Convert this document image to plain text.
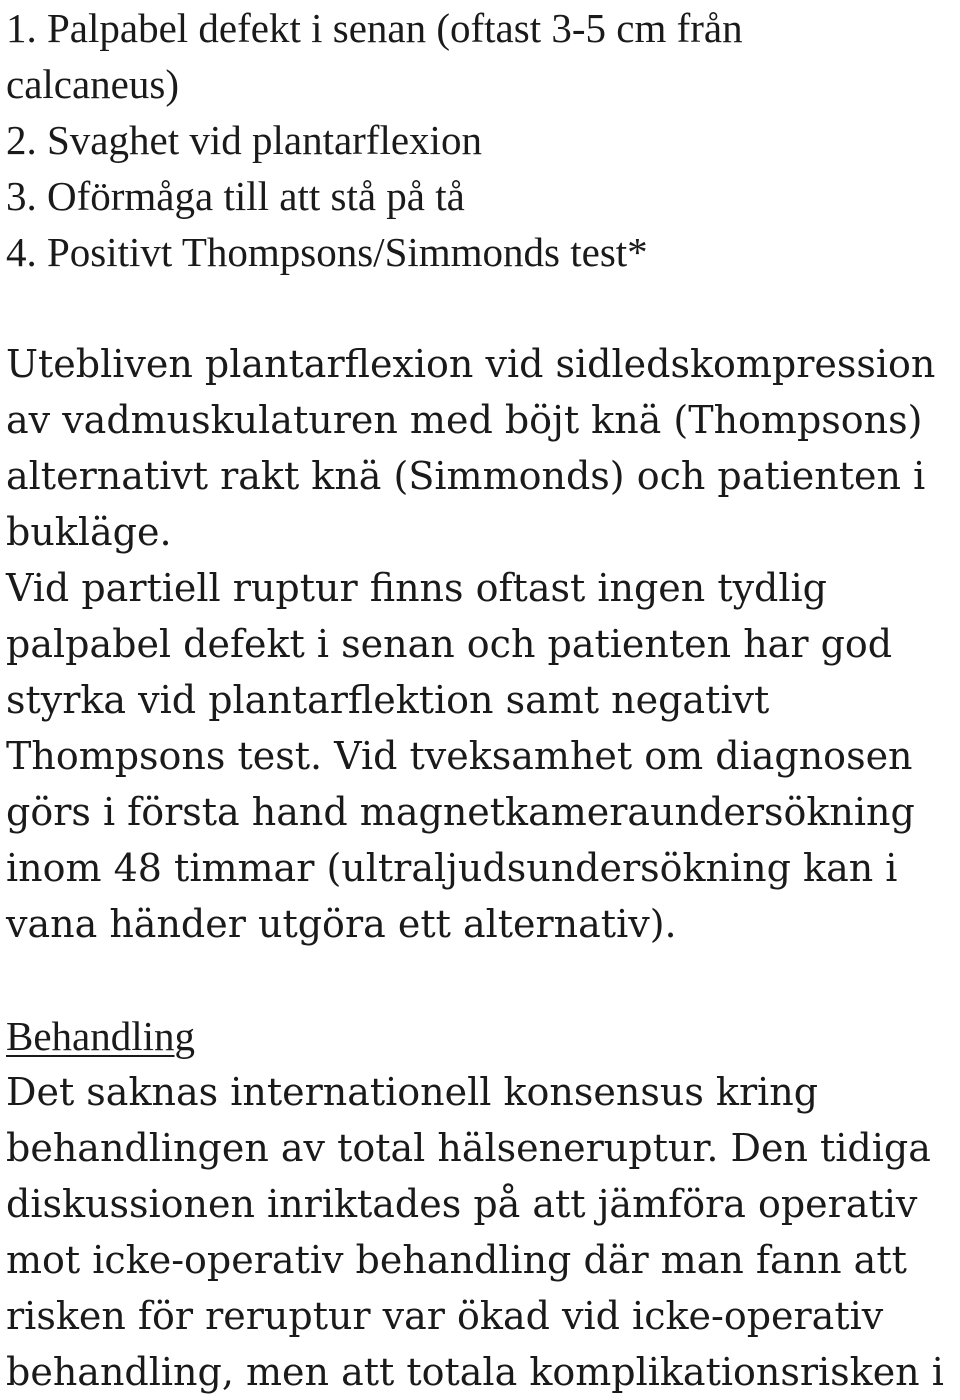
1. Palpabel defekt i senan (oftast 3-5 cm från
calcaneus)
2. Svaghet vid plantarflexion
3. Oförmåga till att stå på tå
4. Positivt Thompsons/Simmonds test*
Utebliven plantarflexion vid sidledskompression
av vadmuskulaturen med böjt knä (Thompsons)
alternativt rakt knä (Simmonds) och patienten i
bukläge.
Vid partiell ruptur finns oftast ingen tydlig
palpabel defekt i senan och patienten har god
styrka vid plantarflektion samt negativt
Thompsons test. Vid tveksamhet om diagnosen
görs i första hand magnetkameraundersökning
inom 48 timmar (ultraljudsundersökning kan i
vana händer utgöra ett alternativ).
Behandling
Det saknas internationell konsensus kring
behandlingen av total hälseneruptur. Den tidiga
diskussionen inriktades på att jämföra operativ
mot icke-operativ behandling där man fann att
risken för reruptur var ökad vid icke-operativ
behandling, men att totala komplikationsrisken i
